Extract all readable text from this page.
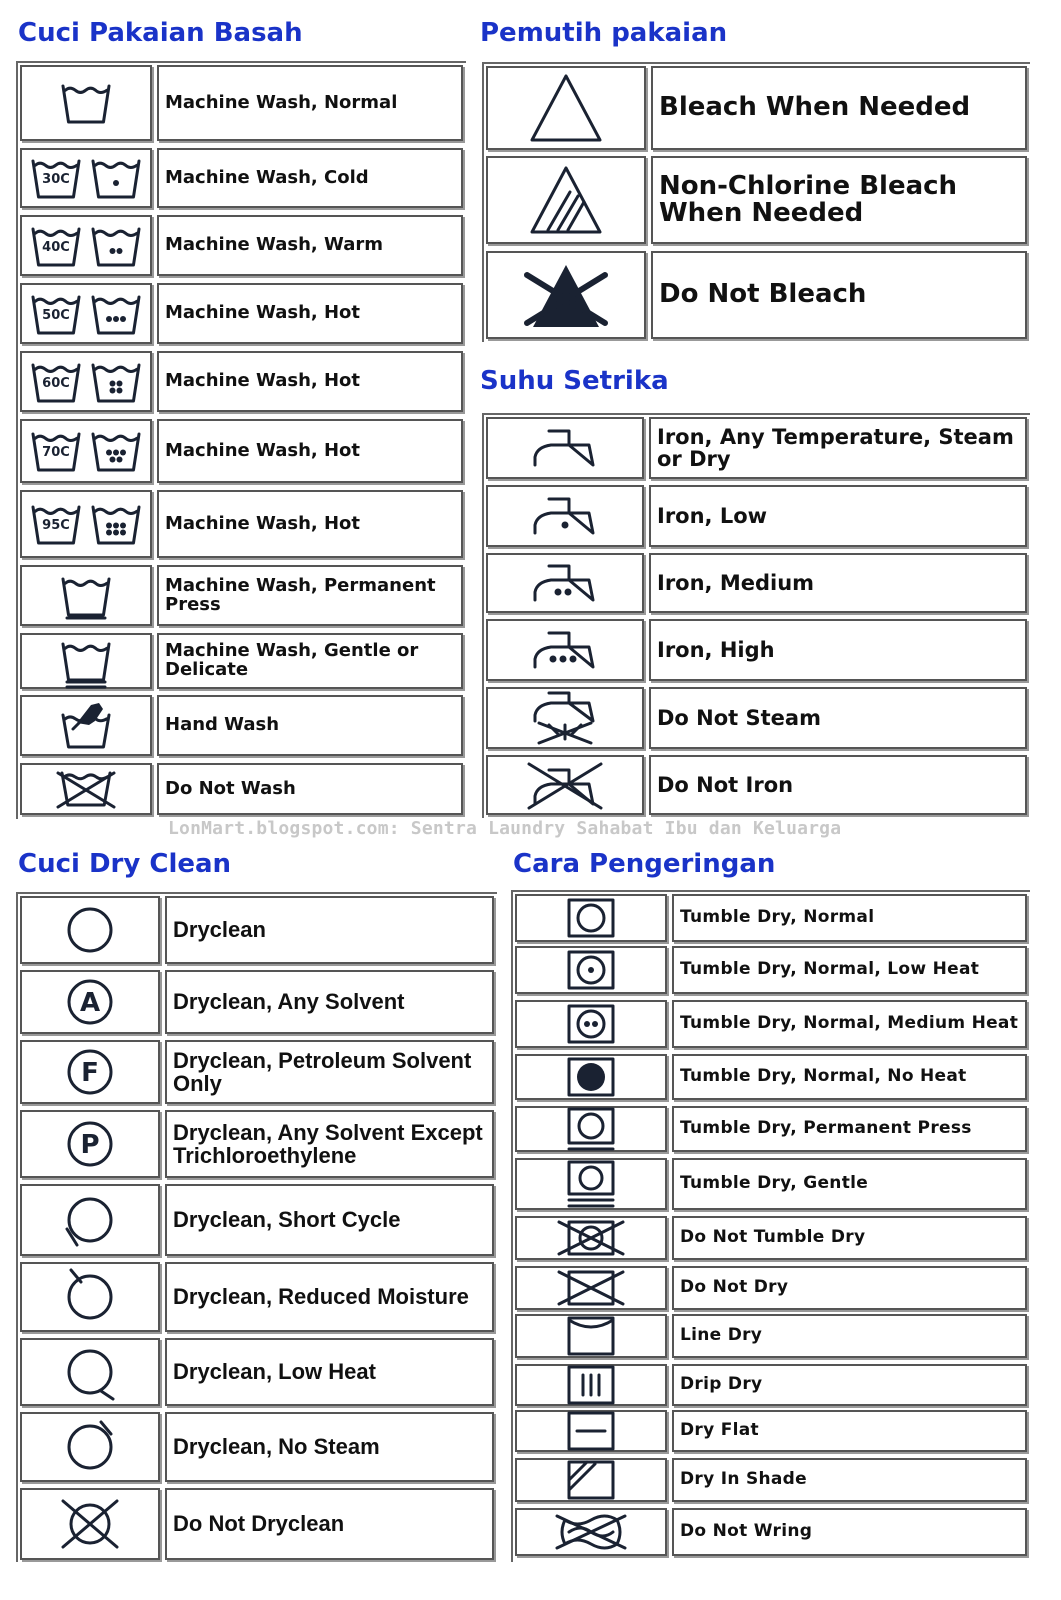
Cuci Pakaian Basah	Pemutih pakaian
Suhu Setrika
Cuci Dry Clean	Cara Pengeringan
Machine Wash, Normal
30C	Machine Wash, Cold
40C	Machine Wash, Warm
50C	Machine Wash, Hot
60C	Machine Wash, Hot
70C	Machine Wash, Hot
95C	Machine Wash, Hot
Machine Wash, Permanent Press
Machine Wash, Gentle or Delicate
Hand Wash
Do Not Wash
Bleach When Needed
Non-Chlorine Bleach When Needed
Do Not Bleach
Iron, Any Temperature, Steam or Dry
Iron, Low
Iron, Medium
Iron, High
Do Not Steam
Do Not Iron
Dryclean
A	Dryclean, Any Solvent
F	Dryclean, Petroleum Solvent Only
P	Dryclean, Any Solvent Except Trichloroethylene
Dryclean, Short Cycle
Dryclean, Reduced Moisture
Dryclean, Low Heat
Dryclean, No Steam
Do Not Dryclean
Tumble Dry, Normal
Tumble Dry, Normal, Low Heat
Tumble Dry, Normal, Medium Heat
Tumble Dry, Normal, No Heat
Tumble Dry, Permanent Press
Tumble Dry, Gentle
Do Not Tumble Dry
Do Not Dry
Line Dry
Drip Dry
Dry Flat
Dry In Shade
Do Not Wring
LonMart.blogspot.com: Sentra Laundry Sahabat Ibu dan Keluarga
